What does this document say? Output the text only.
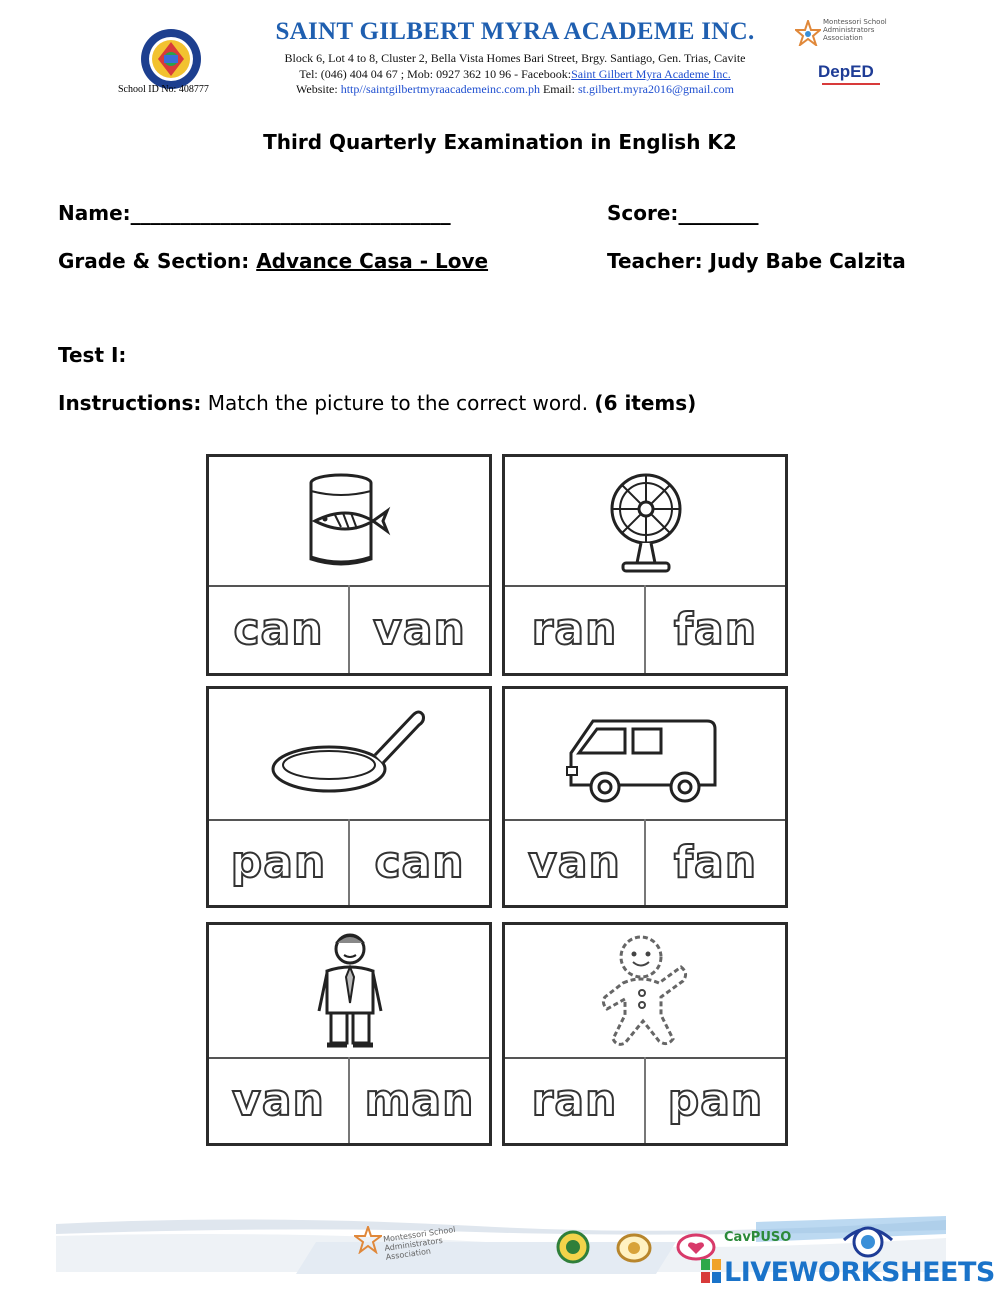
School ID No: 408777
SAINT GILBERT MYRA ACADEME INC.
Block 6, Lot 4 to 8, Cluster 2, Bella Vista Homes Bari Street, Brgy. Santiago, Gen. Trias, Cavite
Tel: (046) 404 04 67 ; Mob: 0927 362 10 96 - Facebook:Saint Gilbert Myra Academe Inc.
Website: http//saintgilbertmyraacademeinc.com.ph Email: st.gilbert.myra2016@gmail.com
Montessori School Administrators Association
DepED
Third Quarterly Examination in English K2
Name:________________________________	Score:________
Grade & Section: Advance Casa - Love	Teacher: Judy Babe Calzita
Test I:
Instructions: Match the picture to the correct word. (6 items)
can	van	ran	fan
pan	can	van	fan
van man	ran	pan
Montessori School Administrators Association
CavPUSO
LIVEWORKSHEETS
